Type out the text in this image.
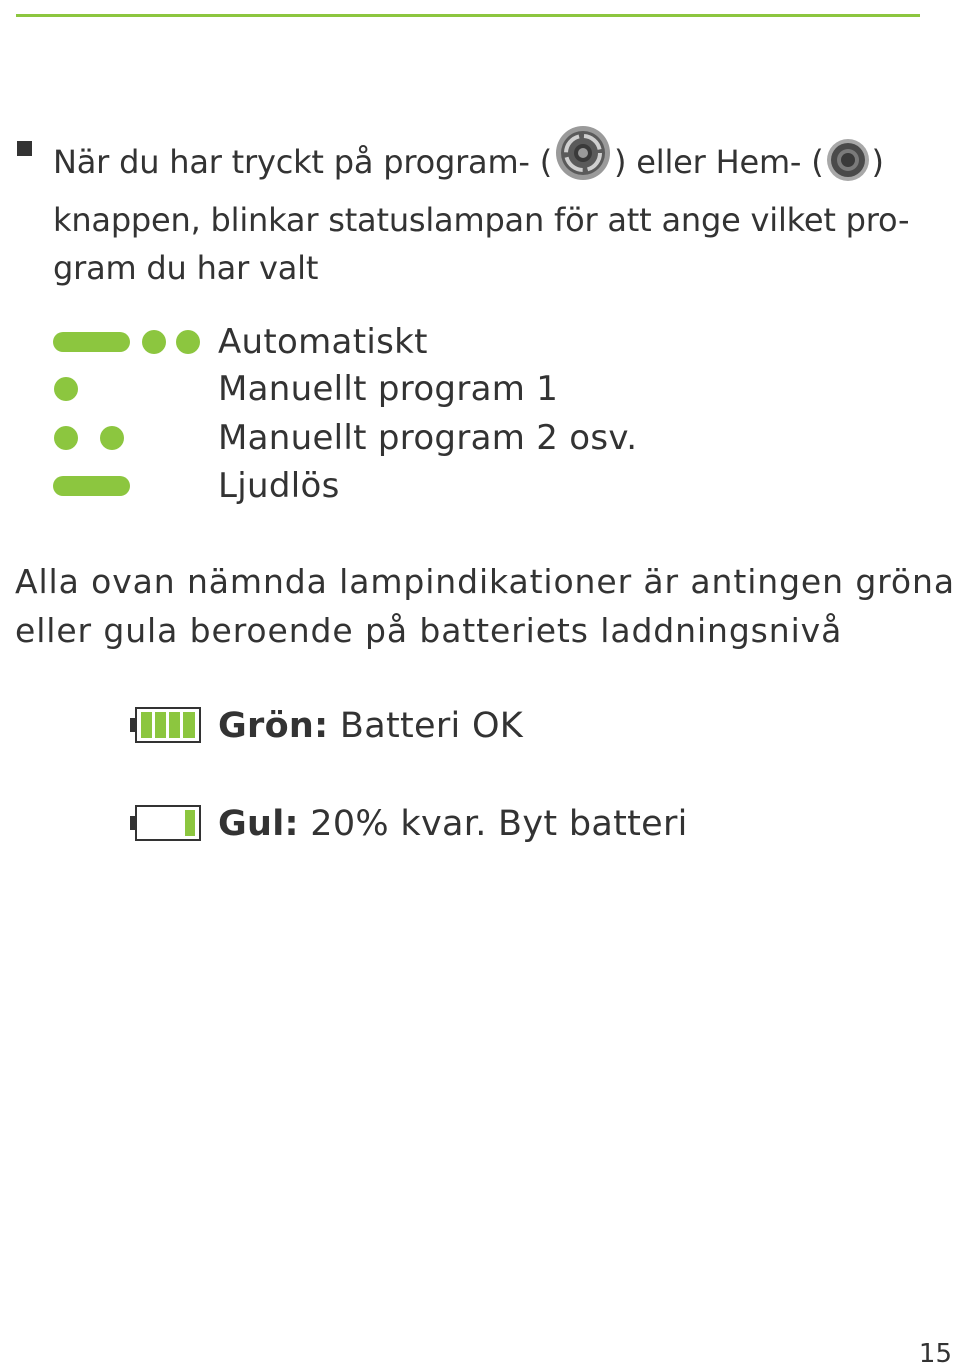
När du har tryckt på program- ( ) eller Hem- ( )
knappen, blinkar statuslampan för att ange vilket pro-
gram du har valt

Automatiskt
Manuellt program 1
Manuellt program 2 osv.
Ljudlös

Alla ovan nämnda lampindikationer är antingen gröna
eller gula beroende på batteriets laddningsnivå

Grön: Batteri OK
Gul: 20% kvar. Byt batteri
15
